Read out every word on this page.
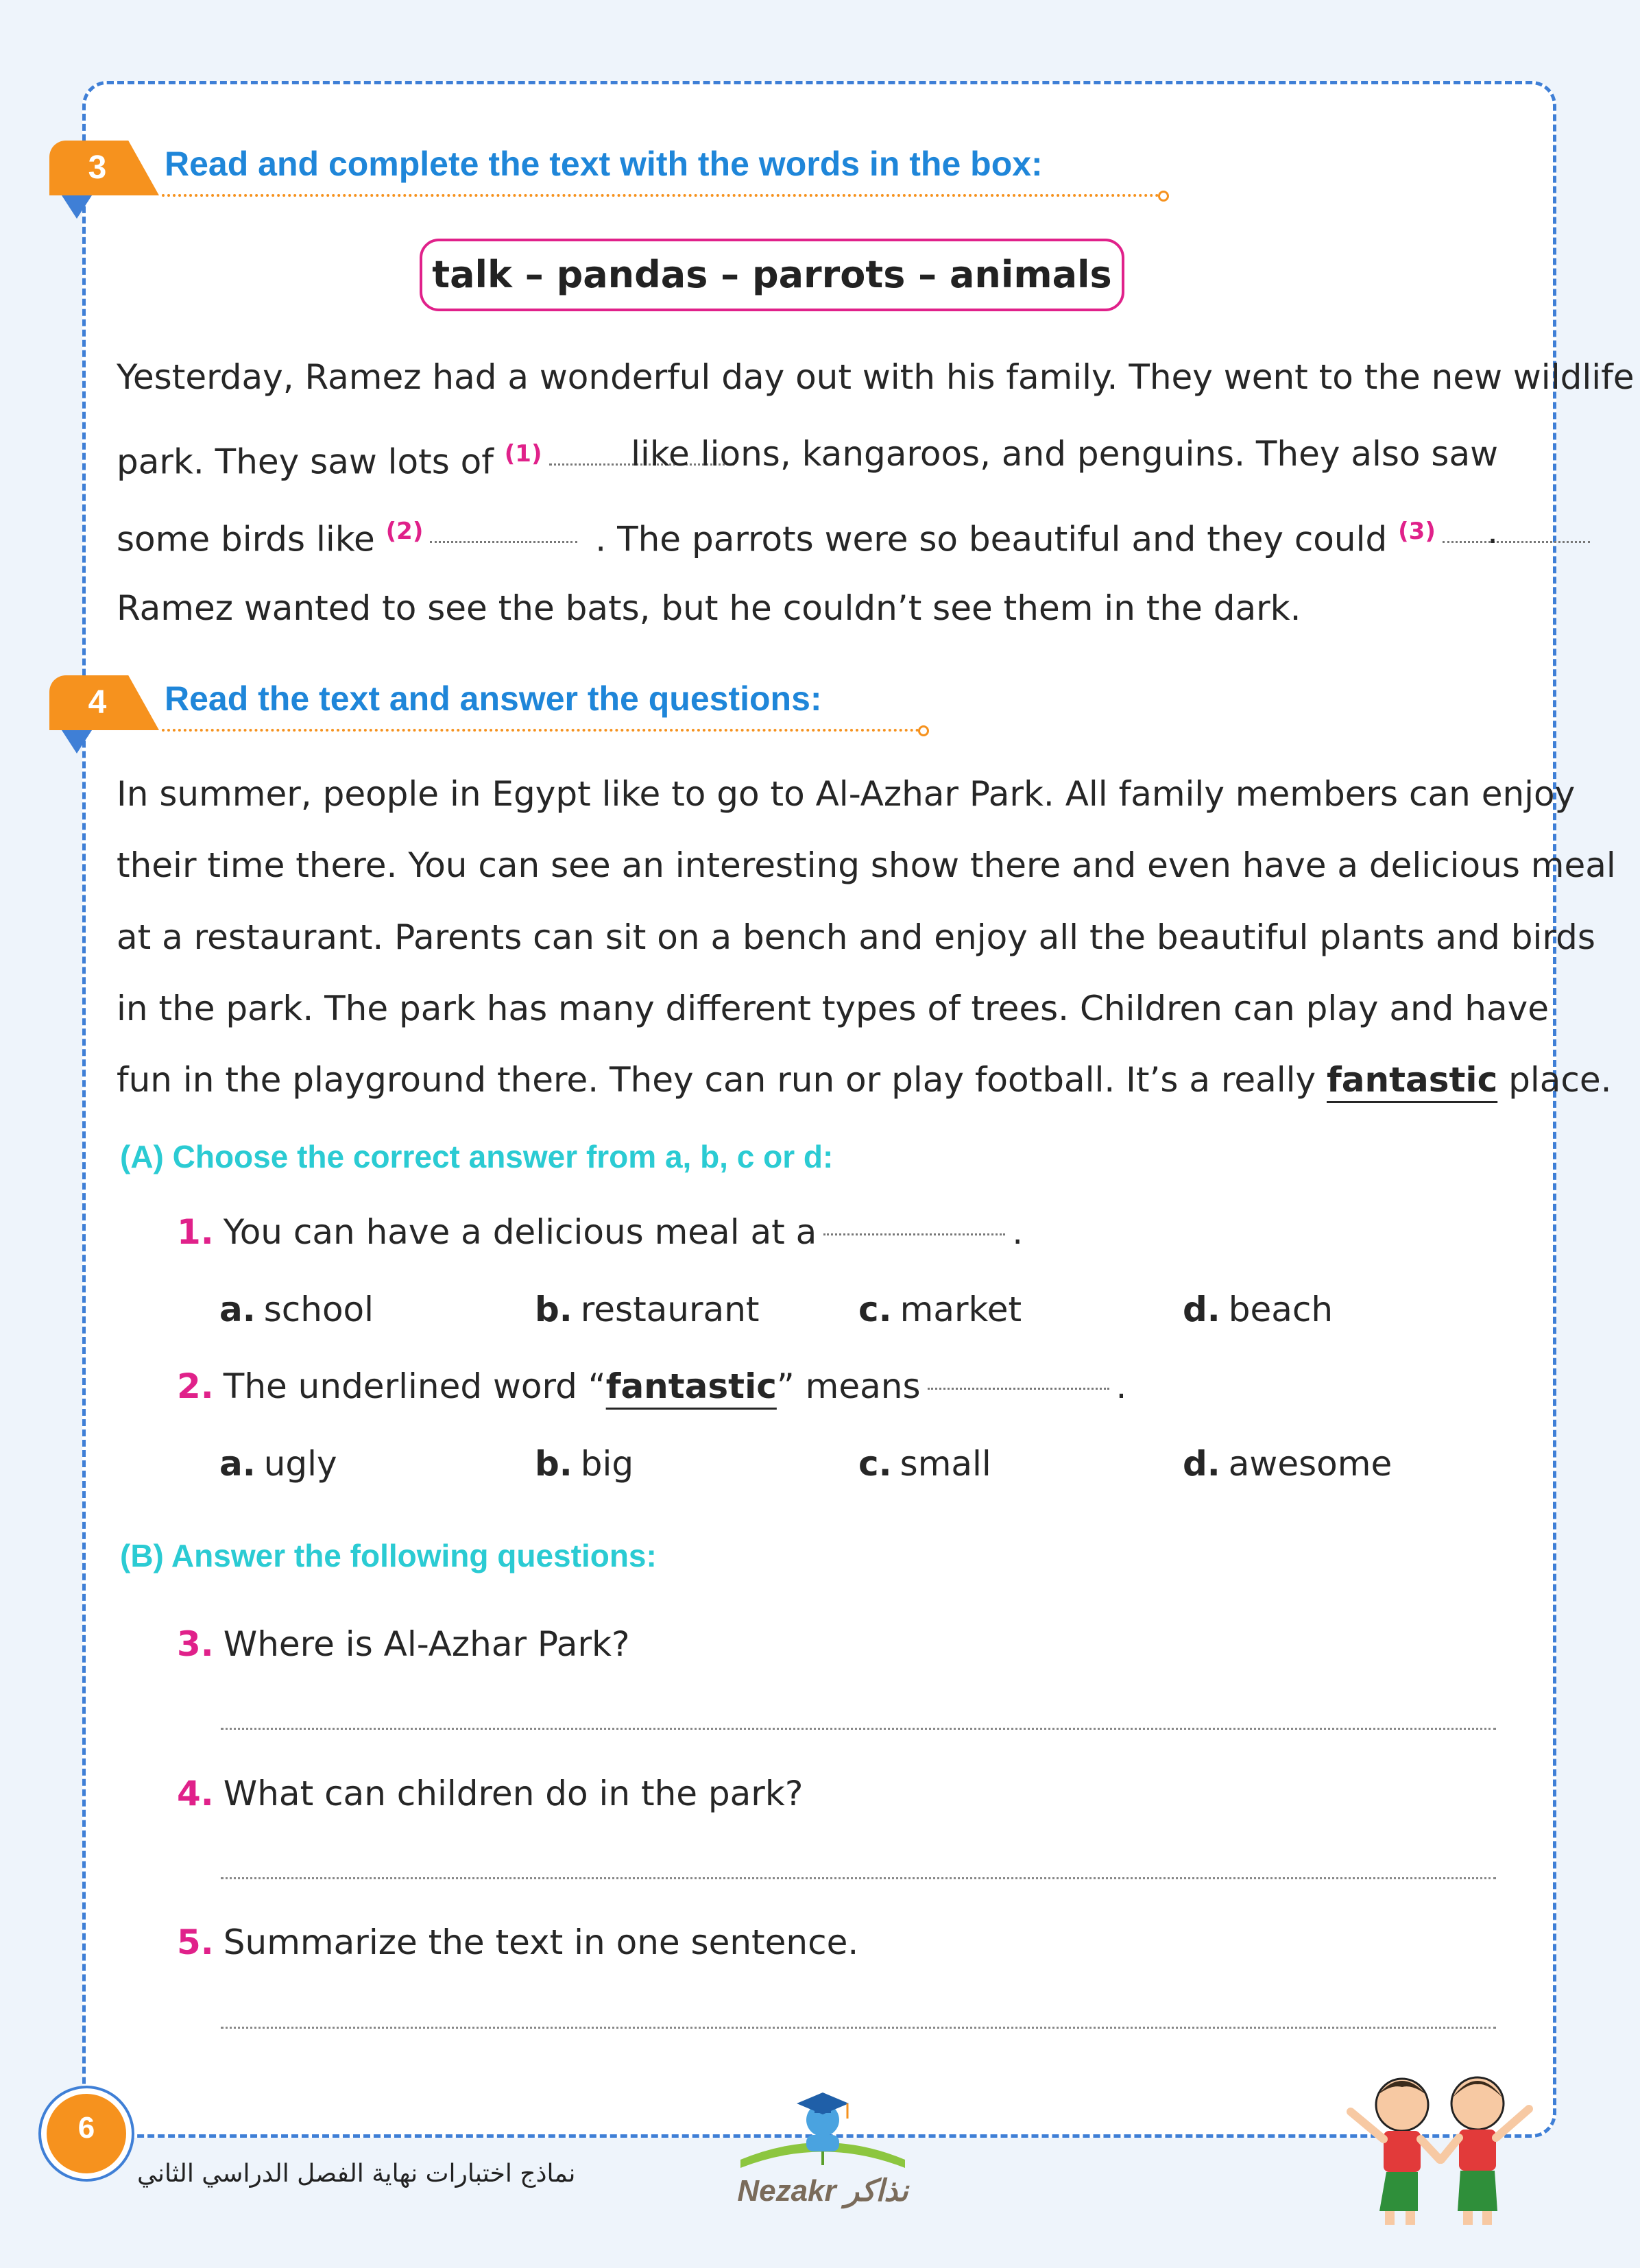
3	Read and complete the text with the words in the box:
talk – pandas – parrots – animals
Yesterday, Ramez had a wonderful day out with his family. They went to the new wildlife
park. They saw lots of $^{(1)}$	like lions, kangaroos, and penguins. They also saw
some birds like $^{(2)}$	. The parrots were so beautiful and they could $^{(3)}$ .
Ramez wanted to see the bats, but he couldn’t see them in the dark.
4	Read the text and answer the questions:
In summer, people in Egypt like to go to Al-Azhar Park. All family members can enjoy
their time there. You can see an interesting show there and even have a delicious meal
at a restaurant. Parents can sit on a bench and enjoy all the beautiful plants and birds
in the park. The park has many different types of trees. Children can play and have
fun in the playground there. They can run or play football. It’s a really fantastic place.
(A) Choose the correct answer from a, b, c or d:
1. You can have a delicious meal at a	.
a. school	b. restaurant	c. market	d. beach
2. The underlined word “fantastic” means	.
a. ugly	b. big	c. small	d. awesome
(B) Answer the following questions:
3. Where is Al-Azhar Park?
4. What can children do in the park?
5. Summarize the text in one sentence.
6
نماذج اختبارات نهاية الفصل الدراسي الثاني
Nezakr نذاكر
